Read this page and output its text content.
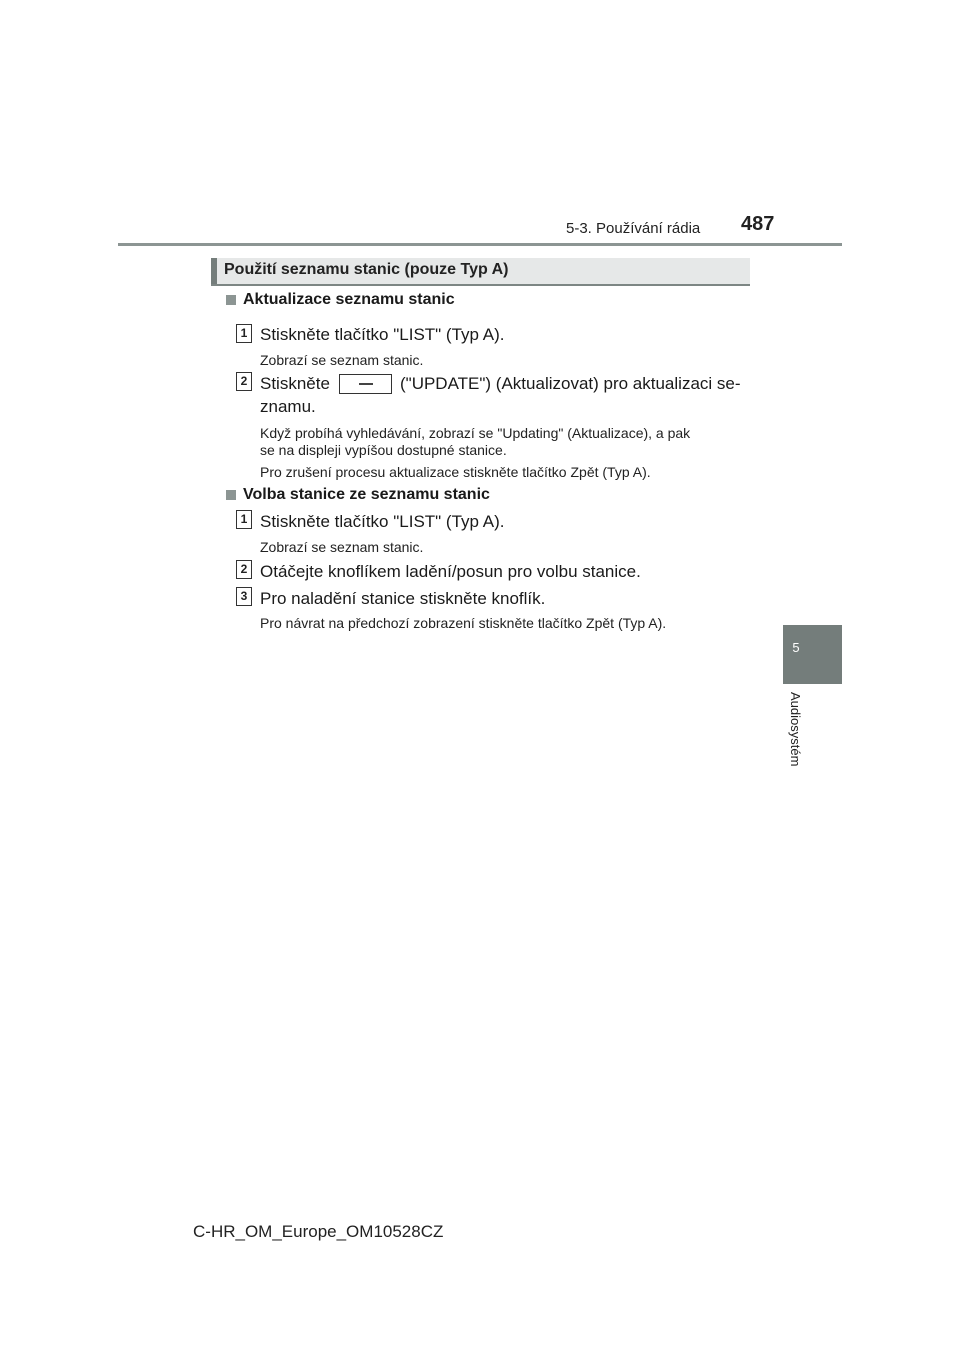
5-3. Používání rádia 487
5
Audiosystém
Použití seznamu stanic (pouze Typ A)
Aktualizace seznamu stanic
1 Stiskněte tlačítko "LIST" (Typ A).
Zobrazí se seznam stanic.
2 Stiskněte	("UPDATE") (Aktualizovat) pro aktualizaci se-
znamu.
Když probíhá vyhledávání, zobrazí se "Updating" (Aktualizace), a pak
se na displeji vypíšou dostupné stanice.
Pro zrušení procesu aktualizace stiskněte tlačítko Zpět (Typ A).
Volba stanice ze seznamu stanic
1 Stiskněte tlačítko "LIST" (Typ A).
Zobrazí se seznam stanic.
2 Otáčejte knoflíkem ladění/posun pro volbu stanice.
3 Pro naladění stanice stiskněte knoflík.
Pro návrat na předchozí zobrazení stiskněte tlačítko Zpět (Typ A).
C-HR_OM_Europe_OM10528CZ
